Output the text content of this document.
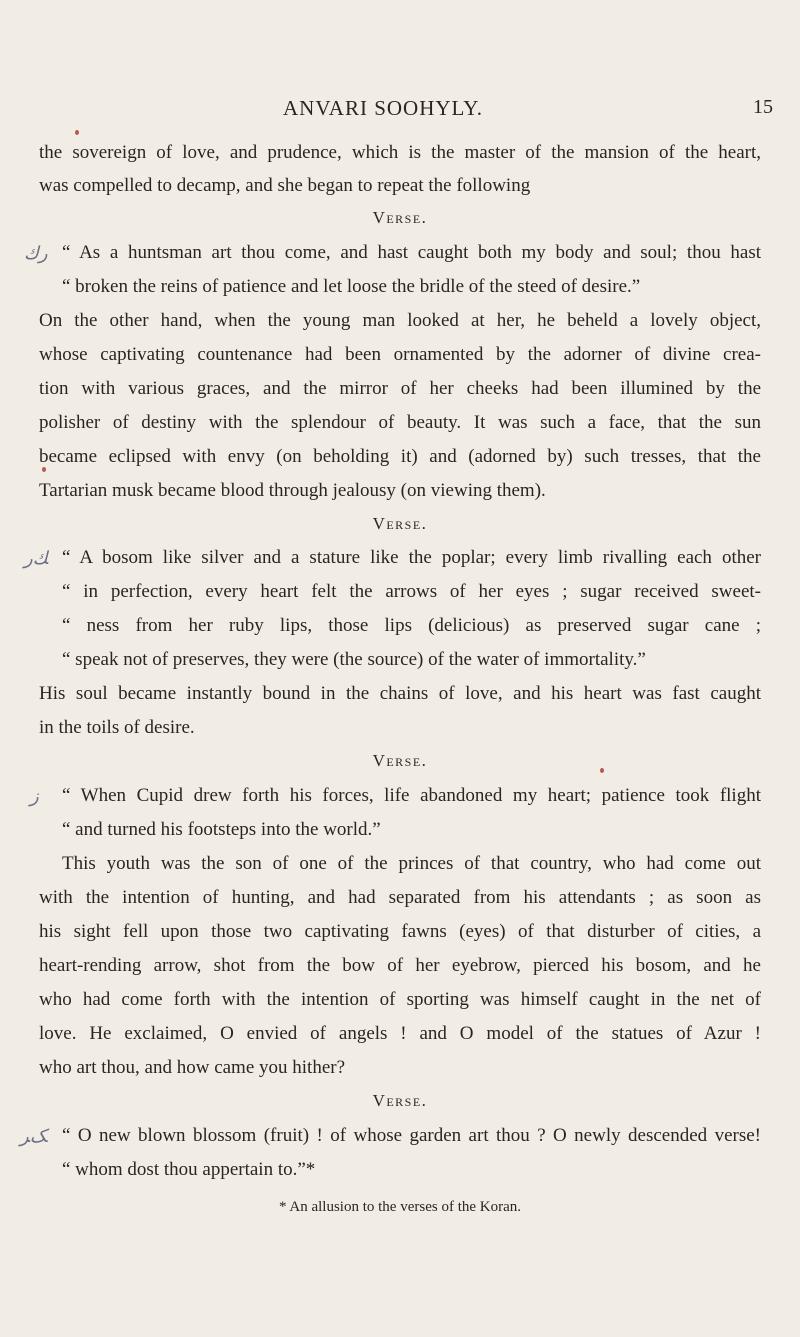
ANVARI SOOHYLY.	15
the sovereign of love, and prudence, which is the master of the mansion of the heart,
was compelled to decamp, and she began to repeat the following
Verse.
ﺭﻙ “ As a huntsman art thou come, and hast caught both my body and soul; thou hast
“ broken the reins of patience and let loose the bridle of the steed of desire.”
On the other hand, when the young man looked at her, he beheld a lovely object,
whose captivating countenance had been ornamented by the adorner of divine crea-
tion with various graces, and the mirror of her cheeks had been illumined by the
polisher of destiny with the splendour of beauty. It was such a face, that the sun
became eclipsed with envy (on beholding it) and (adorned by) such tresses, that the
Tartarian musk became blood through jealousy (on viewing them).
Verse.
ﻚﺭ “ A bosom like silver and a stature like the poplar; every limb rivalling each other
“ in perfection, every heart felt the arrows of her eyes ; sugar received sweet-
“ ness from her ruby lips, those lips (delicious) as preserved sugar cane ;
“ speak not of preserves, they were (the source) of the water of immortality.”
His soul became instantly bound in the chains of love, and his heart was fast caught
in the toils of desire.
Verse.
ﺯ “ When Cupid drew forth his forces, life abandoned my heart; patience took flight
“ and turned his footsteps into the world.”
This youth was the son of one of the princes of that country, who had come out
with the intention of hunting, and had separated from his attendants ; as soon as
his sight fell upon those two captivating fawns (eyes) of that disturber of cities, a
heart-rending arrow, shot from the bow of her eyebrow, pierced his bosom, and he
who had come forth with the intention of sporting was himself caught in the net of
love. He exclaimed, O envied of angels ! and O model of the statues of Azur !
who art thou, and how came you hither?
Verse.
ﮏﺮ “ O new blown blossom (fruit) ! of whose garden art thou ? O newly descended verse!
“ whom dost thou appertain to.”*
* An allusion to the verses of the Koran.
